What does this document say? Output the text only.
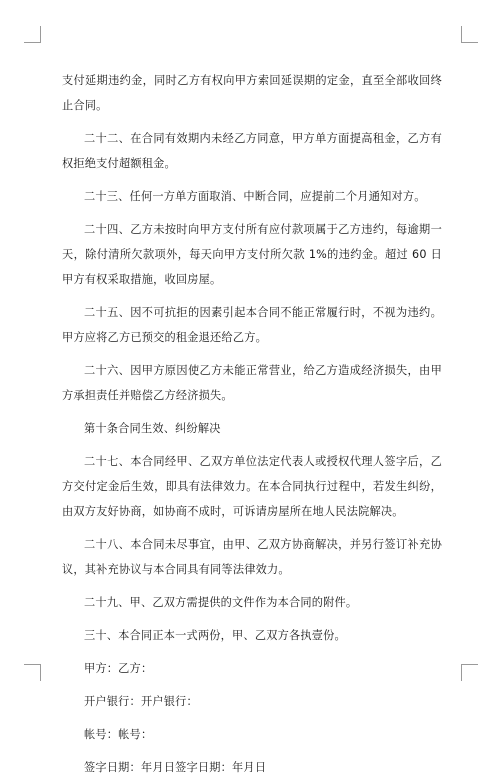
支付延期违约金，同时乙方有权向甲方索回延误期的定金，直至全部收回终止合同。

二十二、在合同有效期内未经乙方同意，甲方单方面提高租金，乙方有权拒绝支付超额租金。

二十三、任何一方单方面取消、中断合同，应提前二个月通知对方。

二十四、乙方未按时向甲方支付所有应付款项属于乙方违约，每逾期一天，除付清所欠款项外，每天向甲方支付所欠款 1%的违约金。超过 60 日甲方有权采取措施，收回房屋。

二十五、因不可抗拒的因素引起本合同不能正常履行时，不视为违约。甲方应将乙方已预交的租金退还给乙方。

二十六、因甲方原因使乙方未能正常营业，给乙方造成经济损失，由甲方承担责任并赔偿乙方经济损失。

第十条合同生效、纠纷解决

二十七、本合同经甲、乙双方单位法定代表人或授权代理人签字后，乙方交付定金后生效，即具有法律效力。在本合同执行过程中，若发生纠纷，由双方友好协商，如协商不成时，可诉请房屋所在地人民法院解决。

二十八、本合同未尽事宜，由甲、乙双方协商解决，并另行签订补充协议，其补充协议与本合同具有同等法律效力。

二十九、甲、乙双方需提供的文件作为本合同的附件。

三十、本合同正本一式两份，甲、乙双方各执壹份。

甲方：乙方：

开户银行：开户银行：

帐号：帐号：

签字日期：年月日签字日期：年月日
